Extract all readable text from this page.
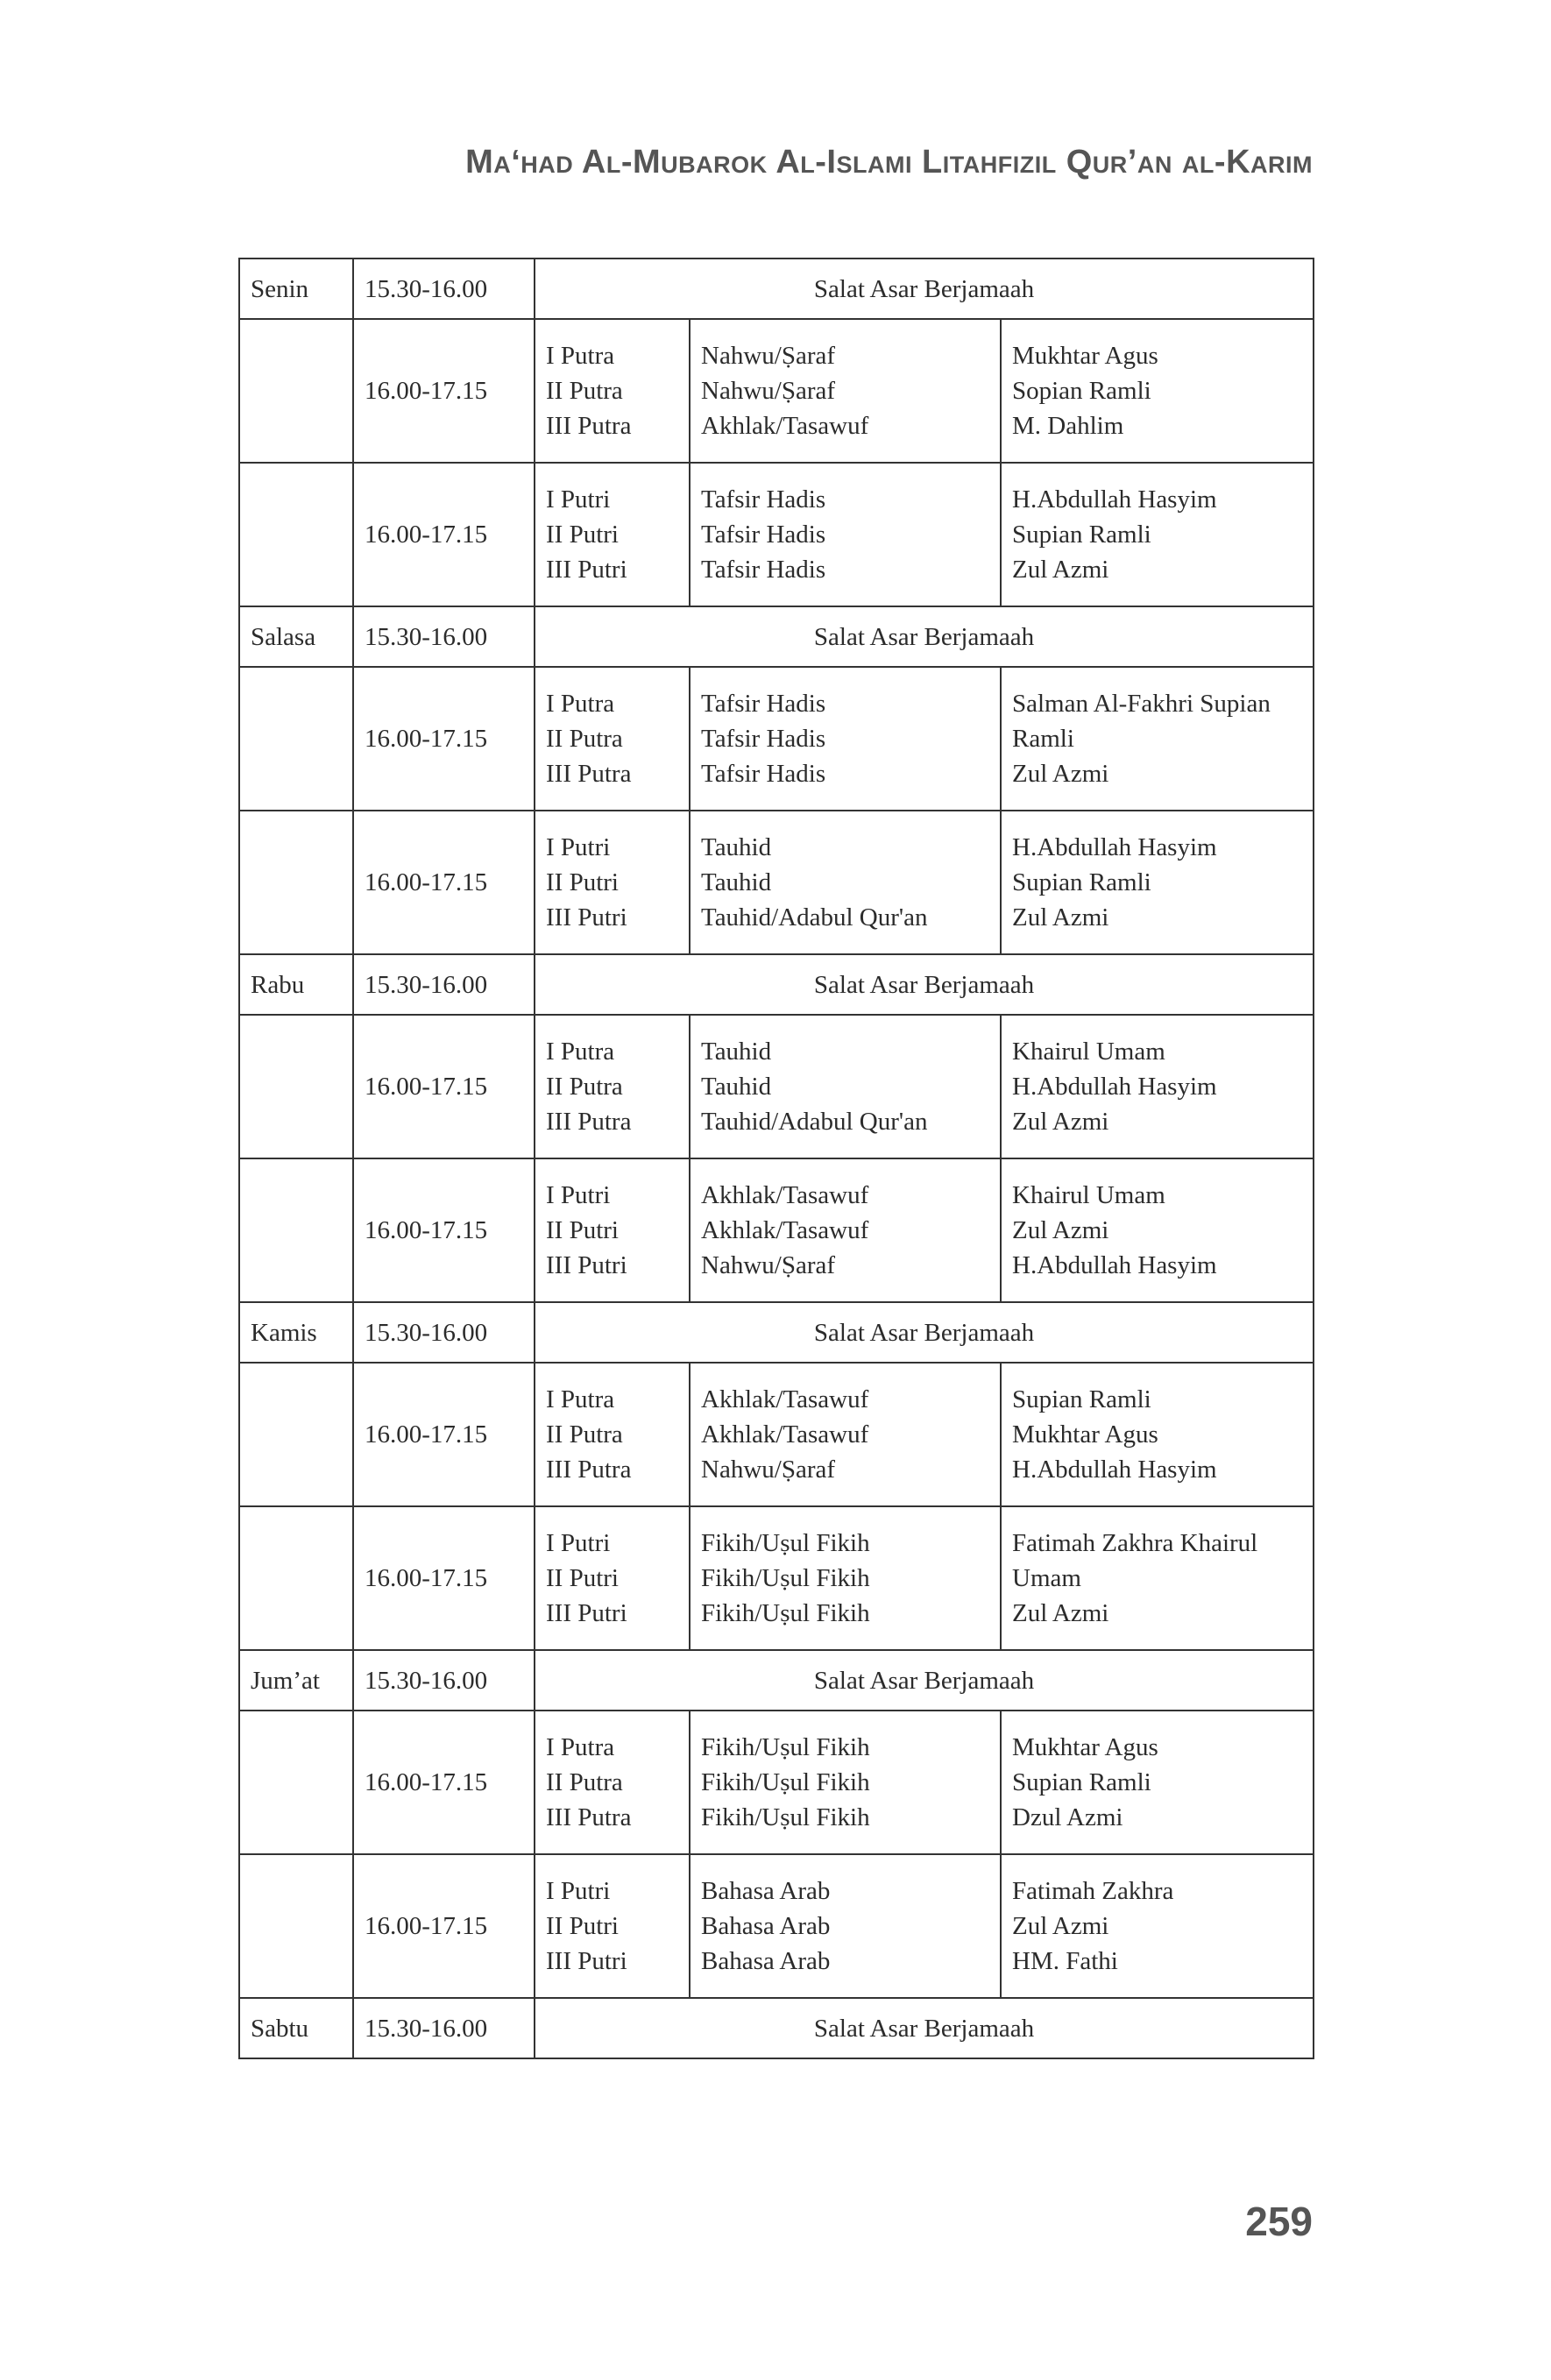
Ma‘had Al-Mubarok Al-Islami Litahfizil Qur’an al-Karim
Senin	15.30-16.00	Salat Asar Berjamaah		

	16.00-17.15	I Putra
II Putra
III Putra	Nahwu/Ṣaraf
Nahwu/Ṣaraf
Akhlak/Tasawuf	Mukhtar Agus
Sopian Ramli
M. Dahlim

	16.00-17.15	I Putri
II Putri
III Putri	Tafsir Hadis
Tafsir Hadis
Tafsir Hadis	H.Abdullah Hasyim
Supian Ramli
Zul Azmi

Salasa	15.30-16.00	Salat Asar Berjamaah		

	16.00-17.15	I Putra
II Putra
III Putra	Tafsir Hadis
Tafsir Hadis
Tafsir Hadis	Salman Al-Fakhri Supian Ramli
Zul Azmi

	16.00-17.15	I Putri
II Putri
III Putri	Tauhid
Tauhid
Tauhid/Adabul Qur'an	H.Abdullah Hasyim
Supian Ramli
Zul Azmi

Rabu	15.30-16.00	Salat Asar Berjamaah		

	16.00-17.15	I Putra
II Putra
III Putra	Tauhid
Tauhid
Tauhid/Adabul Qur'an	Khairul Umam
H.Abdullah Hasyim
Zul Azmi

	16.00-17.15	I Putri
II Putri
III Putri	Akhlak/Tasawuf
Akhlak/Tasawuf
Nahwu/Ṣaraf	Khairul Umam
Zul Azmi
H.Abdullah Hasyim

Kamis	15.30-16.00	Salat Asar Berjamaah		

	16.00-17.15	I Putra
II Putra
III Putra	Akhlak/Tasawuf
Akhlak/Tasawuf
Nahwu/Ṣaraf	Supian Ramli
Mukhtar Agus
H.Abdullah Hasyim

	16.00-17.15	I Putri
II Putri
III Putri	Fikih/Uṣul Fikih
Fikih/Uṣul Fikih
Fikih/Uṣul Fikih	Fatimah Zakhra Khairul Umam
Zul Azmi

Jum’at	15.30-16.00	Salat Asar Berjamaah		

	16.00-17.15	I Putra
II Putra
III Putra	Fikih/Uṣul Fikih
Fikih/Uṣul Fikih
Fikih/Uṣul Fikih	Mukhtar Agus
Supian Ramli
Dzul Azmi

	16.00-17.15	I Putri
II Putri
III Putri	Bahasa Arab
Bahasa Arab
Bahasa Arab	Fatimah Zakhra
Zul Azmi
HM. Fathi

Sabtu	15.30-16.00	Salat Asar Berjamaah		
259
